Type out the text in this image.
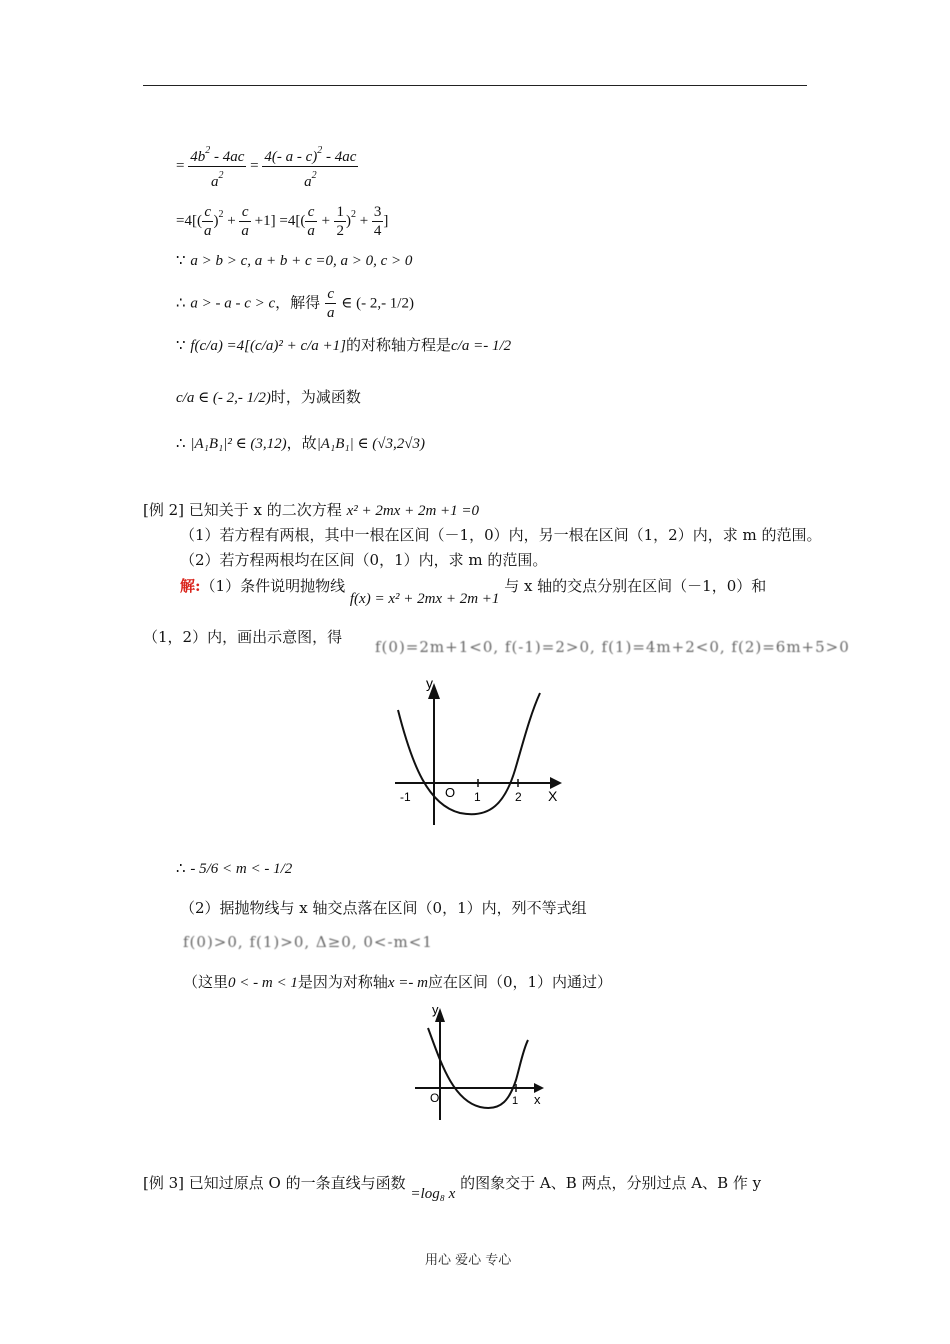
= $\frac{4b^2 - 4ac}{a^2} = \frac{4(- a - c)^2 - 4ac}{a^2}$
$=4[( \frac{c}{a} )^2 + \frac{c}{a} +1] =4[( \frac{c}{a} + \frac{1}{2} )^2 + \frac{3}{4}$ ]
∵ a > b > c, a + b + c =0, a > 0, c > 0
∴ a > - a - c > c，解得 $\frac{c}{a}$ ∈ (- 2,- 1/2)
∵ f(c/a) =4[(c/a)² + c/a +1]的对称轴方程是c/a =- 1/2
c/a ∈ (- 2,- 1/2)时，为减函数
∴ |A₁B₁|² ∈ (3,12)，故|A₁B₁| ∈ (√3,2√3)
[例 2] 已知关于 x 的二次方程 x² + 2mx + 2m +1 =0
（1）若方程有两根，其中一根在区间（－1，0）内，另一根在区间（1，2）内，求 m 的范围。
（2）若方程两根均在区间（0，1）内，求 m 的范围。
解:（1）条件说明抛物线 f(x) = x² + 2mx + 2m +1 与 x 轴的交点分别在区间（－1，0）和
（1，2）内，画出示意图，得
f(0)=2m+1<0, f(-1)=2>0, f(1)=4m+2<0, f(2)=6m+5>0
y
X
O
-1	1	2
∴ - 5/6 < m < - 1/2
（2）据抛物线与 x 轴交点落在区间（0，1）内，列不等式组
f(0)>0, f(1)>0, Δ≥0, 0<-m<1
（这里0 < - m < 1是因为对称轴x =- m应在区间（0，1）内通过）
y
x
O	1
[例 3] 已知过原点 O 的一条直线与函数 =log₈ x 的图象交于 A、B 两点，分别过点 A、B 作 y
用心 爱心 专心
